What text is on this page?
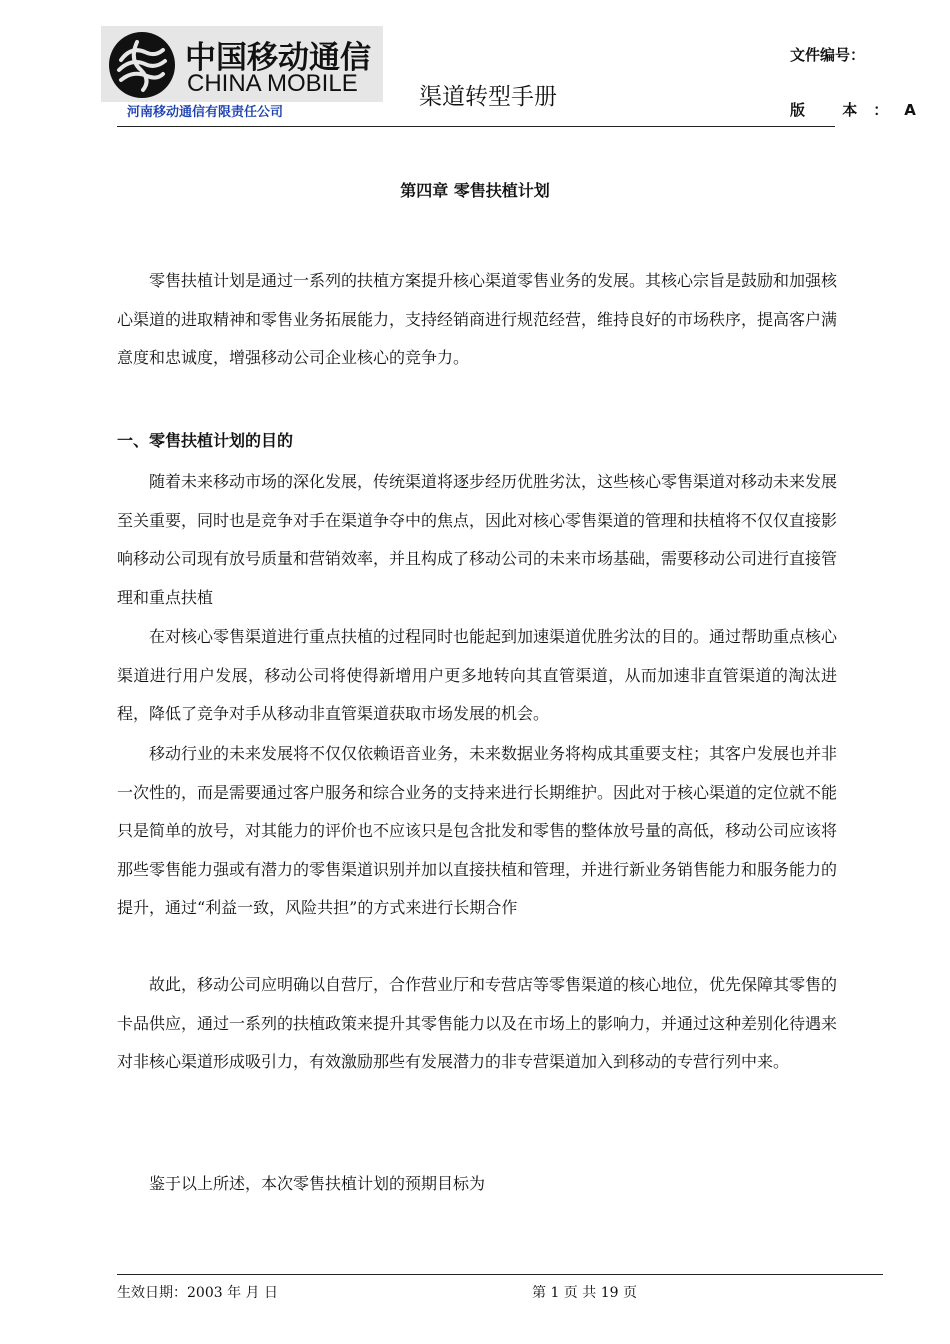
中国移动通信
CHINA MOBILE
河南移动通信有限责任公司
渠道转型手册
文件编号：
版 本：A
第四章 零售扶植计划

零售扶植计划是通过一系列的扶植方案提升核心渠道零售业务的发展。其核心宗旨是鼓励和加强核心渠道的进取精神和零售业务拓展能力，支持经销商进行规范经营，维持良好的市场秩序，提高客户满意度和忠诚度，增强移动公司企业核心的竞争力。

一、零售扶植计划的目的

随着未来移动市场的深化发展，传统渠道将逐步经历优胜劣汰，这些核心零售渠道对移动未来发展至关重要，同时也是竞争对手在渠道争夺中的焦点，因此对核心零售渠道的管理和扶植将不仅仅直接影响移动公司现有放号质量和营销效率，并且构成了移动公司的未来市场基础，需要移动公司进行直接管理和重点扶植

在对核心零售渠道进行重点扶植的过程同时也能起到加速渠道优胜劣汰的目的。通过帮助重点核心渠道进行用户发展，移动公司将使得新增用户更多地转向其直管渠道，从而加速非直管渠道的淘汰进程，降低了竞争对手从移动非直管渠道获取市场发展的机会。

移动行业的未来发展将不仅仅依赖语音业务，未来数据业务将构成其重要支柱；其客户发展也并非一次性的，而是需要通过客户服务和综合业务的支持来进行长期维护。因此对于核心渠道的定位就不能只是简单的放号，对其能力的评价也不应该只是包含批发和零售的整体放号量的高低，移动公司应该将那些零售能力强或有潜力的零售渠道识别并加以直接扶植和管理，并进行新业务销售能力和服务能力的提升，通过“利益一致，风险共担”的方式来进行长期合作

故此，移动公司应明确以自营厅，合作营业厅和专营店等零售渠道的核心地位，优先保障其零售的卡品供应，通过一系列的扶植政策来提升其零售能力以及在市场上的影响力，并通过这种差别化待遇来对非核心渠道形成吸引力，有效激励那些有发展潜力的非专营渠道加入到移动的专营行列中来。

鉴于以上所述，本次零售扶植计划的预期目标为

生效日期：2003 年 月 日	第 1 页 共 19 页
